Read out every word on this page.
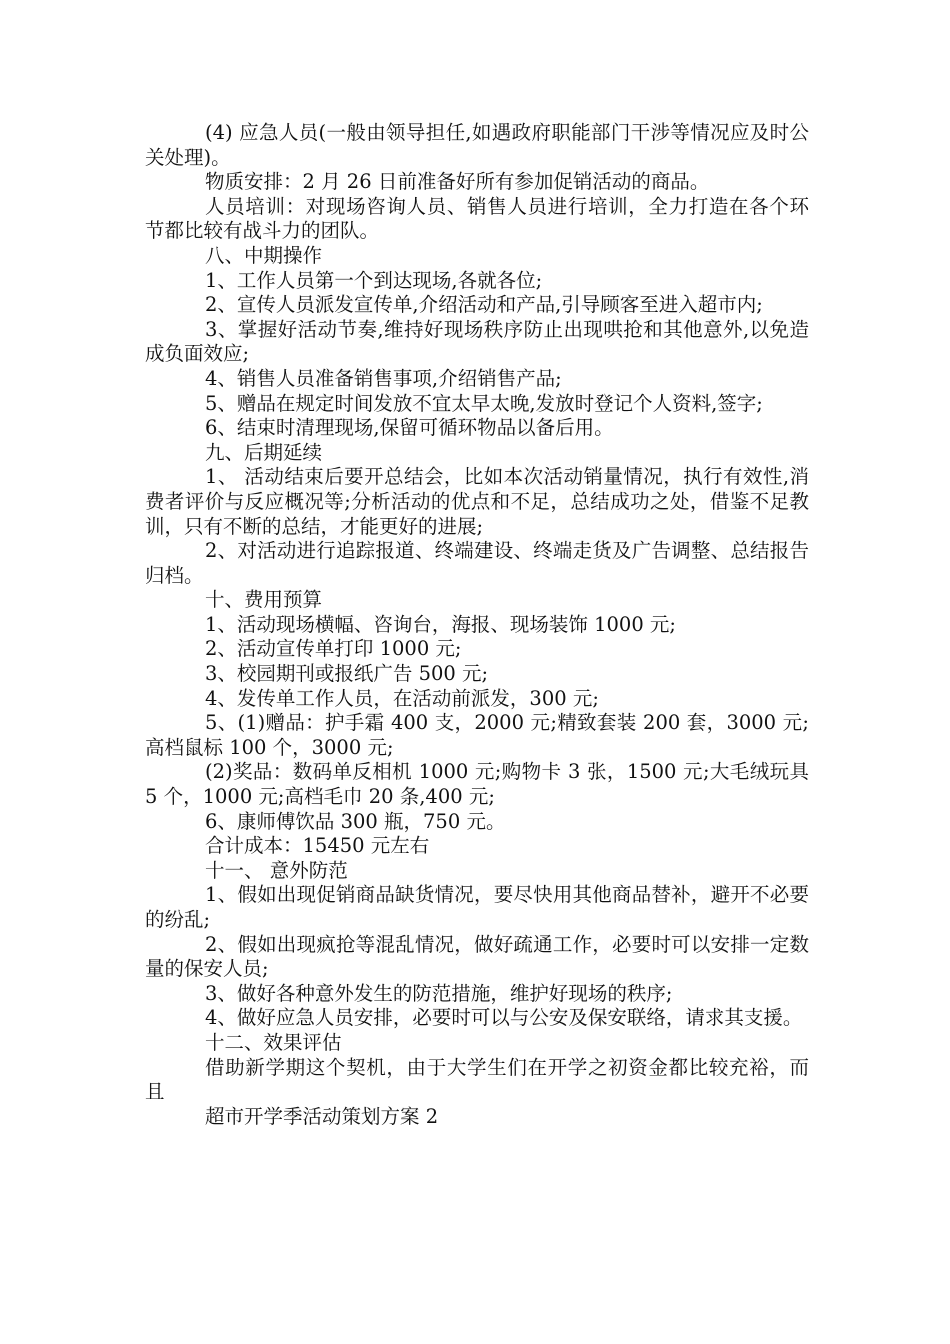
(4) 应急人员(一般由领导担任,如遇政府职能部门干涉等情况应及时公关处理)。

物质安排：2 月 26 日前准备好所有参加促销活动的商品。

人员培训：对现场咨询人员、销售人员进行培训，全力打造在各个环节都比较有战斗力的团队。

八、中期操作

1、工作人员第一个到达现场,各就各位;

2、宣传人员派发宣传单,介绍活动和产品,引导顾客至进入超市内;

3、掌握好活动节奏,维持好现场秩序防止出现哄抢和其他意外,以免造成负面效应;

4、销售人员准备销售事项,介绍销售产品;

5、赠品在规定时间发放不宜太早太晚,发放时登记个人资料,签字;

6、结束时清理现场,保留可循环物品以备后用。

九、后期延续

1、 活动结束后要开总结会，比如本次活动销量情况，执行有效性,消费者评价与反应概况等;分析活动的优点和不足，总结成功之处，借鉴不足教训，只有不断的总结，才能更好的进展;

2、对活动进行追踪报道、终端建设、终端走货及广告调整、总结报告归档。

十、费用预算

1、活动现场横幅、咨询台，海报、现场装饰 1000 元;

2、活动宣传单打印 1000 元;

3、校园期刊或报纸广告 500 元;

4、发传单工作人员，在活动前派发，300 元;

5、(1)赠品：护手霜 400 支，2000 元;精致套装 200 套，3000 元;高档鼠标 100 个，3000 元;

(2)奖品：数码单反相机 1000 元;购物卡 3 张，1500 元;大毛绒玩具 5 个，1000 元;高档毛巾 20 条,400 元;

6、康师傅饮品 300 瓶，750 元。

合计成本：15450 元左右

十一、 意外防范

1、假如出现促销商品缺货情况，要尽快用其他商品替补，避开不必要的纷乱;

2、假如出现疯抢等混乱情况，做好疏通工作，必要时可以安排一定数量的保安人员;

3、做好各种意外发生的防范措施，维护好现场的秩序;

4、做好应急人员安排，必要时可以与公安及保安联络，请求其支援。

十二、效果评估

借助新学期这个契机，由于大学生们在开学之初资金都比较充裕，而且

超市开学季活动策划方案 2
